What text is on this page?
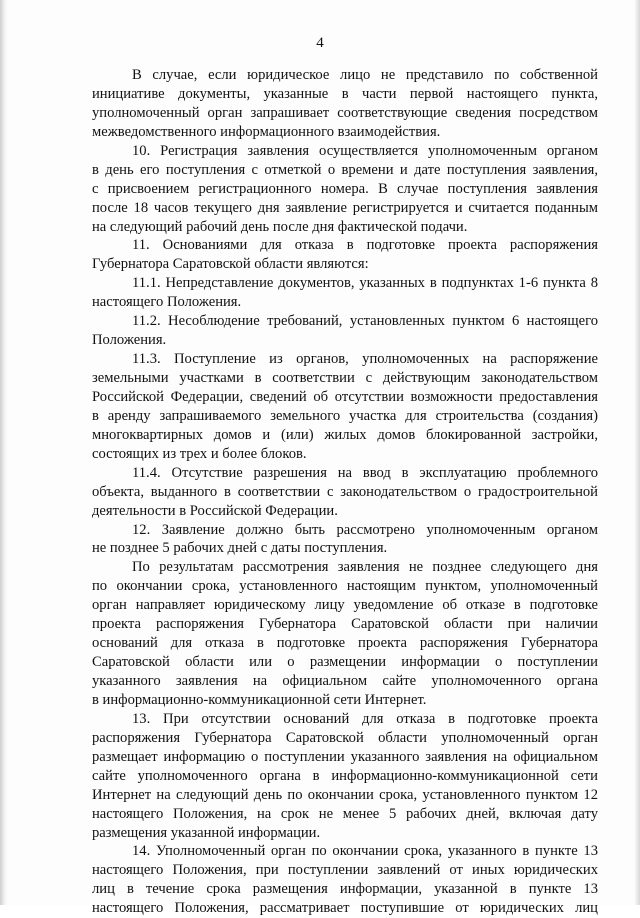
4
В случае, если юридическое лицо не представило по собственной
инициативе документы, указанные в части первой настоящего пункта,
уполномоченный орган запрашивает соответствующие сведения посредством
межведомственного информационного взаимодействия.
10. Регистрация заявления осуществляется уполномоченным органом
в день его поступления с отметкой о времени и дате поступления заявления,
с присвоением регистрационного номера. В случае поступления заявления
после 18 часов текущего дня заявление регистрируется и считается поданным
на следующий рабочий день после дня фактической подачи.
11. Основаниями для отказа в подготовке проекта распоряжения
Губернатора Саратовской области являются:
11.1. Непредставление документов, указанных в подпунктах 1-6 пункта 8
настоящего Положения.
11.2. Несоблюдение требований, установленных пунктом 6 настоящего
Положения.
11.3. Поступление из органов, уполномоченных на распоряжение
земельными участками в соответствии с действующим законодательством
Российской Федерации, сведений об отсутствии возможности предоставления
в аренду запрашиваемого земельного участка для строительства (создания)
многоквартирных домов и (или) жилых домов блокированной застройки,
состоящих из трех и более блоков.
11.4. Отсутствие разрешения на ввод в эксплуатацию проблемного
объекта, выданного в соответствии с законодательством о градостроительной
деятельности в Российской Федерации.
12. Заявление должно быть рассмотрено уполномоченным органом
не позднее 5 рабочих дней с даты поступления.
По результатам рассмотрения заявления не позднее следующего дня
по окончании срока, установленного настоящим пунктом, уполномоченный
орган направляет юридическому лицу уведомление об отказе в подготовке
проекта распоряжения Губернатора Саратовской области при наличии
оснований для отказа в подготовке проекта распоряжения Губернатора
Саратовской области или о размещении информации о поступлении
указанного заявления на официальном сайте уполномоченного органа
в информационно-коммуникационной сети Интернет.
13. При отсутствии оснований для отказа в подготовке проекта
распоряжения Губернатора Саратовской области уполномоченный орган
размещает информацию о поступлении указанного заявления на официальном
сайте уполномоченного органа в информационно-коммуникационной сети
Интернет на следующий день по окончании срока, установленного пунктом 12
настоящего Положения, на срок не менее 5 рабочих дней, включая дату
размещения указанной информации.
14. Уполномоченный орган по окончании срока, указанного в пункте 13
настоящего Положения, при поступлении заявлений от иных юридических
лиц в течение срока размещения информации, указанной в пункте 13
настоящего Положения, рассматривает поступившие от юридических лиц
